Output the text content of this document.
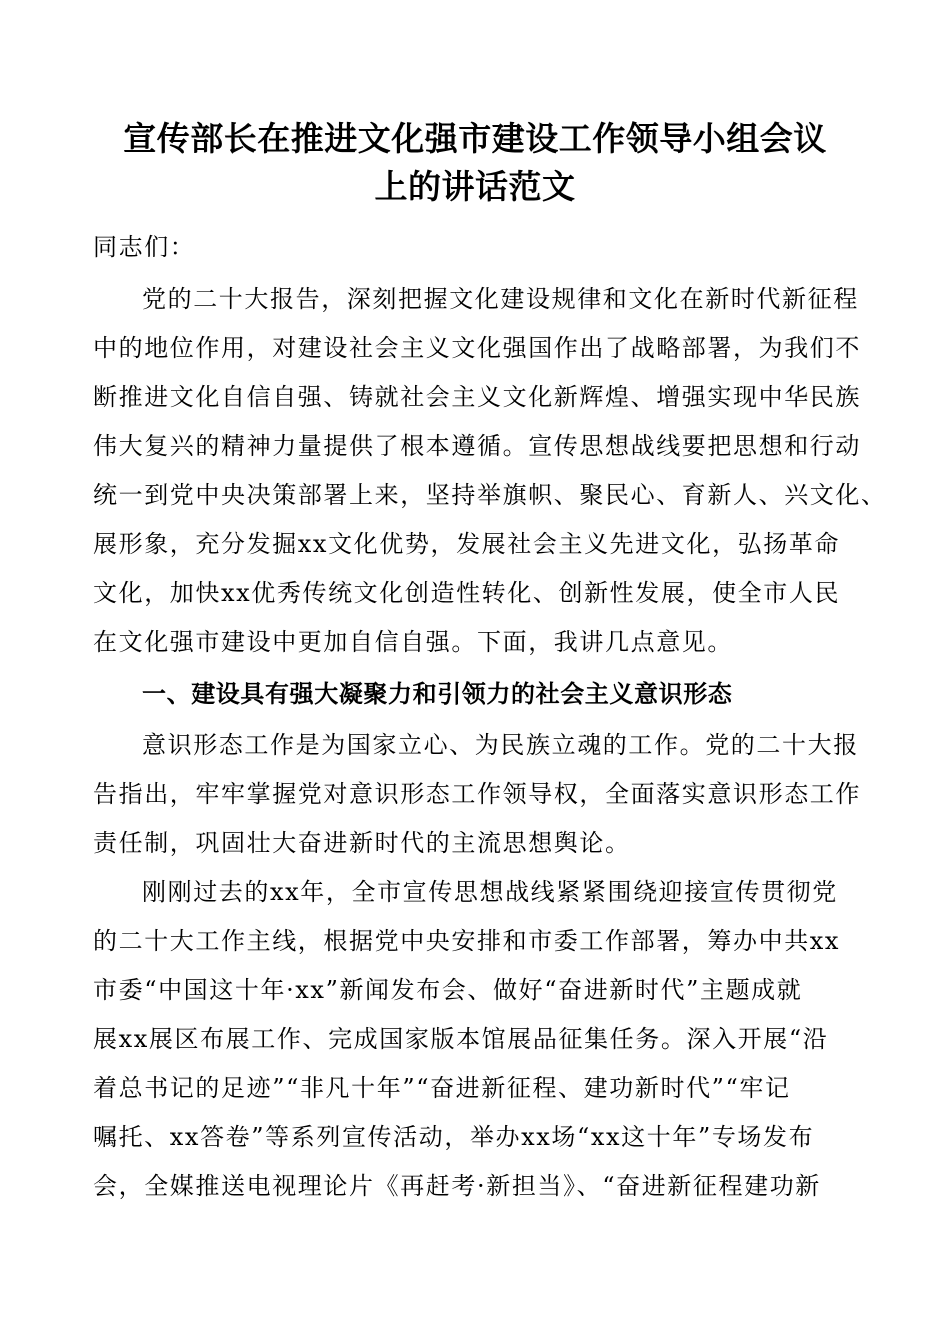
宣传部长在推进文化强市建设工作领导小组会议
上的讲话范文
同志们：
党的二十大报告，深刻把握文化建设规律和文化在新时代新征程
中的地位作用，对建设社会主义文化强国作出了战略部署，为我们不
断推进文化自信自强、铸就社会主义文化新辉煌、增强实现中华民族
伟大复兴的精神力量提供了根本遵循。宣传思想战线要把思想和行动
统一到党中央决策部署上来，坚持举旗帜、聚民心、育新人、兴文化、
展形象，充分发掘xx文化优势，发展社会主义先进文化，弘扬革命
文化，加快xx优秀传统文化创造性转化、创新性发展，使全市人民
在文化强市建设中更加自信自强。下面，我讲几点意见。
一、建设具有强大凝聚力和引领力的社会主义意识形态
意识形态工作是为国家立心、为民族立魂的工作。党的二十大报
告指出，牢牢掌握党对意识形态工作领导权，全面落实意识形态工作
责任制，巩固壮大奋进新时代的主流思想舆论。
刚刚过去的xx年，全市宣传思想战线紧紧围绕迎接宣传贯彻党
的二十大工作主线，根据党中央安排和市委工作部署，筹办中共xx
市委“中国这十年·xx”新闻发布会、做好“奋进新时代”主题成就
展xx展区布展工作、完成国家版本馆展品征集任务。深入开展“沿
着总书记的足迹”“非凡十年”“奋进新征程、建功新时代”“牢记
嘱托、xx答卷”等系列宣传活动，举办xx场“xx这十年”专场发布
会，全媒推送电视理论片《再赶考·新担当》、“奋进新征程建功新
